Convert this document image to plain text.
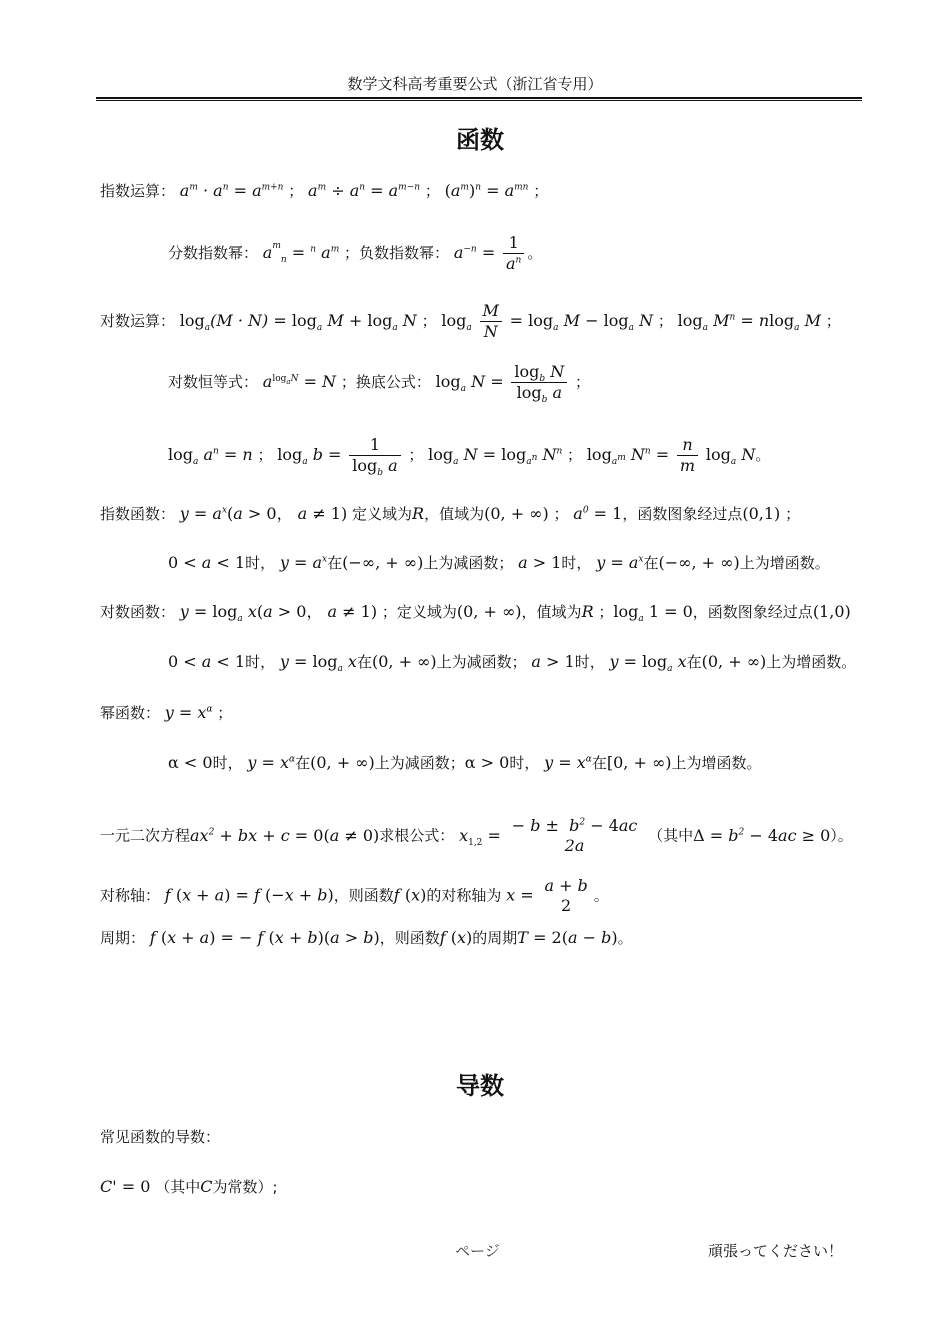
数学文科高考重要公式（浙江省专用）
函数
指数运算： $a^m \cdot a^n = a^{m+n}$ ； $a^m \div a^n = a^{m-n}$ ； $(a^m)^n = a^{mn}$ ；
分数指数幂： $a^m_n = ^n$ $a^m$ ；负数指数幂： $a^{-n} = \frac{1}{a^n}$ 。
对数运算： $\log_a(M \cdot N) = \log_a M + \log_a N$ ； $\log_a \frac{M}{N} = \log_a M - \log_a N$ ； $\log_a M^n = nlog_a$ M ；
对数恒等式： $a^{log_aN} = N$ ；换底公式： $\log_a N = \frac{\log_b N}{\log_b a}$ ；
$\log_a a^n = n$ ； $\log_a b = \frac{1}{\log_b a}$ ； $\log_a N = \log_{a^n} N^n$ ； $\log_{a^m} N^n = \frac{n}{m} \log_a N$。
指数函数： $y = a^x(a > 0$， a ≠ 1) 定义域为R，值域为(0, + ∞) ； $a^0 = 1$，函数图象经过点(0,1) ；
0 < a < 1时， $y = a^x$在(−∞, + ∞)上为减函数； a > 1时， $y = a^x$在(−∞, + ∞)上为增函数。
对数函数： $y = \log_a x(a > 0$， a ≠ 1) ；定义域为(0, + ∞)，值域为R ；$\log_a 1 = 0$，函数图象经过点(1,0)
0 < a < 1时， $y = \log_a x$在(0, + ∞)上为减函数； a > 1时， $y = \log_a x$在(0, + ∞)上为增函数。
幂函数： $y = x^\alpha$ ；
α < 0时， $y = x^\alpha$在(0, + ∞)上为减函数；α > 0时， $y = x^\alpha$在[0, + ∞)上为增函数。
一元二次方程$ax^2$ + bx + c = 0(a ≠ 0)求根公式： $x_{1,2}$ = − $b \pm b^2 - 4ac$
2a
（其中$\Delta = b^2 - 4ac \ge 0$）。
对称轴： f (x + a) = f (−x + b)，则函数f (x)的对称轴为 x = a + b
2
。
周期： f (x + a) = − f (x + b)(a > b)，则函数f (x)的周期T = 2(a − b)。
导数
常见函数的导数：
C' = 0 （其中C为常数）;
ページ	頑張ってください！
